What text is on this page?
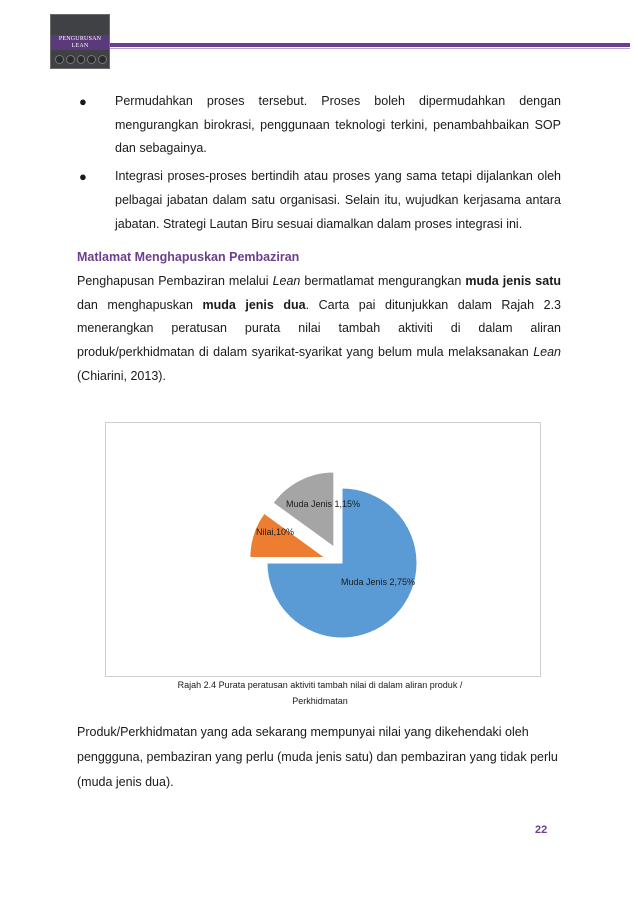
PENGURUSAN
LEAN
● Permudahkan proses tersebut. Proses boleh dipermudahkan dengan mengurangkan birokrasi, penggunaan teknologi terkini, penambahbaikan SOP dan sebagainya.
● Integrasi proses-proses bertindih atau proses yang sama tetapi dijalankan oleh pelbagai jabatan dalam satu organisasi. Selain itu, wujudkan kerjasama antara jabatan. Strategi Lautan Biru sesuai diamalkan dalam proses integrasi ini.
Matlamat Menghapuskan Pembaziran

Penghapusan Pembaziran melalui Lean bermatlamat mengurangkan muda jenis satu dan menghapuskan muda jenis dua. Carta pai ditunjukkan dalam Rajah 2.3 menerangkan peratusan purata nilai tambah aktiviti di dalam aliran produk/perkhidmatan di dalam syarikat-syarikat yang belum mula melaksanakan Lean (Chiarini, 2013).

Muda Jenis 2,75%
Nilai,10%
Muda Jenis 1,15%
Rajah 2.4 Purata peratusan aktiviti tambah nilai di dalam aliran produk /
Perkhidmatan
Produk/Perkhidmatan yang ada sekarang mempunyai nilai yang dikehendaki oleh penggguna, pembaziran yang perlu (muda jenis satu) dan pembaziran yang tidak perlu (muda jenis dua).
22
